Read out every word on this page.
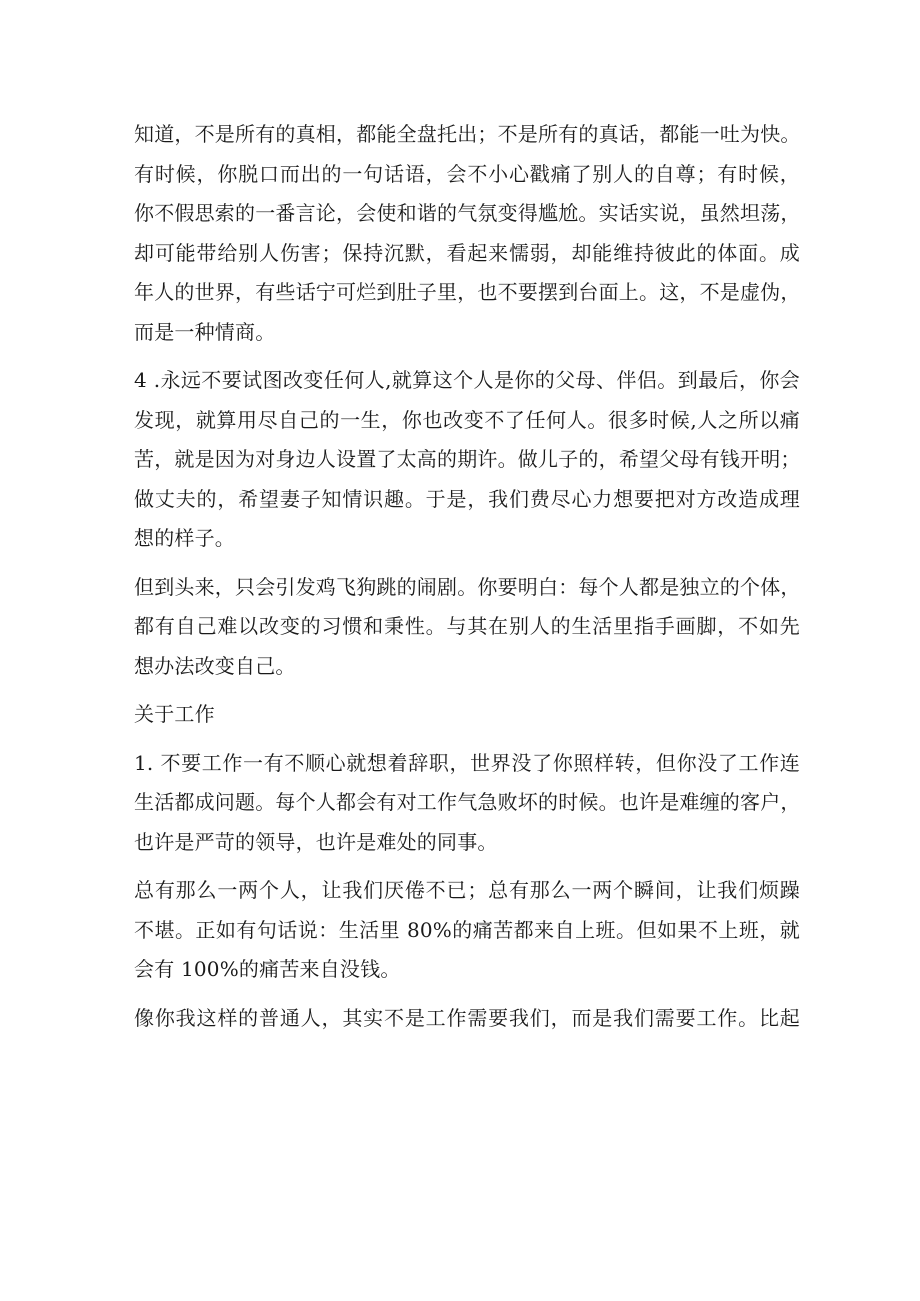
知道，不是所有的真相，都能全盘托出；不是所有的真话，都能一吐为快。
有时候，你脱口而出的一句话语，会不小心戳痛了别人的自尊；有时候，
你不假思索的一番言论，会使和谐的气氛变得尴尬。实话实说，虽然坦荡，
却可能带给别人伤害；保持沉默，看起来懦弱，却能维持彼此的体面。成
年人的世界，有些话宁可烂到肚子里，也不要摆到台面上。这，不是虚伪，
而是一种情商。
4 .永远不要试图改变任何人,就算这个人是你的父母、伴侣。到最后，你会
发现，就算用尽自己的一生，你也改变不了任何人。很多时候,人之所以痛
苦，就是因为对身边人设置了太高的期许。做儿子的，希望父母有钱开明；
做丈夫的，希望妻子知情识趣。于是，我们费尽心力想要把对方改造成理
想的样子。
但到头来，只会引发鸡飞狗跳的闹剧。你要明白：每个人都是独立的个体，
都有自己难以改变的习惯和秉性。与其在别人的生活里指手画脚，不如先
想办法改变自己。
关于工作
1. 不要工作一有不顺心就想着辞职，世界没了你照样转，但你没了工作连
生活都成问题。每个人都会有对工作气急败坏的时候。也许是难缠的客户，
也许是严苛的领导，也许是难处的同事。
总有那么一两个人，让我们厌倦不已；总有那么一两个瞬间，让我们烦躁
不堪。正如有句话说：生活里 80%的痛苦都来自上班。但如果不上班，就
会有 100%的痛苦来自没钱。
像你我这样的普通人，其实不是工作需要我们，而是我们需要工作。比起
